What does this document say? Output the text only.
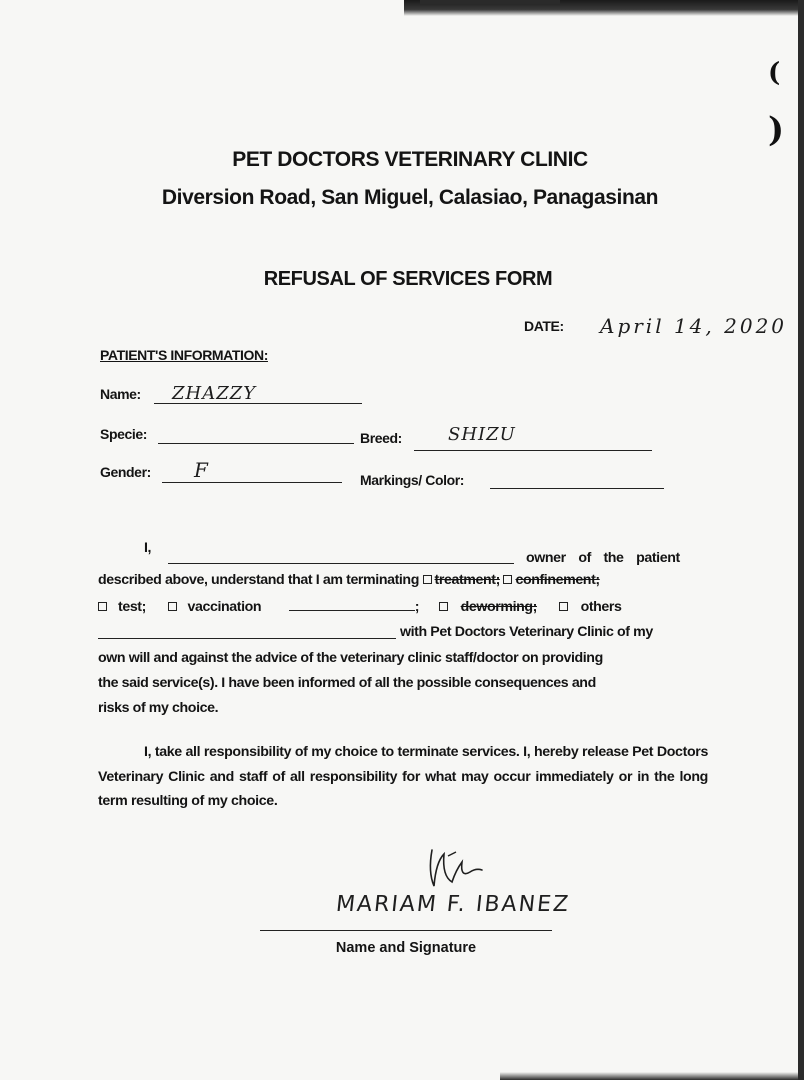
(
)
PET DOCTORS VETERINARY CLINIC
Diversion Road, San Miguel, Calasiao, Panagasinan
REFUSAL OF SERVICES FORM
DATE: April 14, 2020
PATIENT'S INFORMATION:
Name: ZHAZZY
Specie:	Breed:	SHIZU
Gender: F	Markings/ Color:
I,
owner of the patient
described above, understand that I am terminating treatment; confinement;
test;	vaccination	;	deworming;	others
with Pet Doctors Veterinary Clinic of my
own will and against the advice of the veterinary clinic staff/doctor on providing
the said service(s). I have been informed of all the possible consequences and
risks of my choice.
I, take all responsibility of my choice to terminate services. I, hereby release Pet Doctors Veterinary Clinic and staff of all responsibility for what may occur immediately or in the long term resulting of my choice.
MARIAM F. IBANEZ
Name and Signature
